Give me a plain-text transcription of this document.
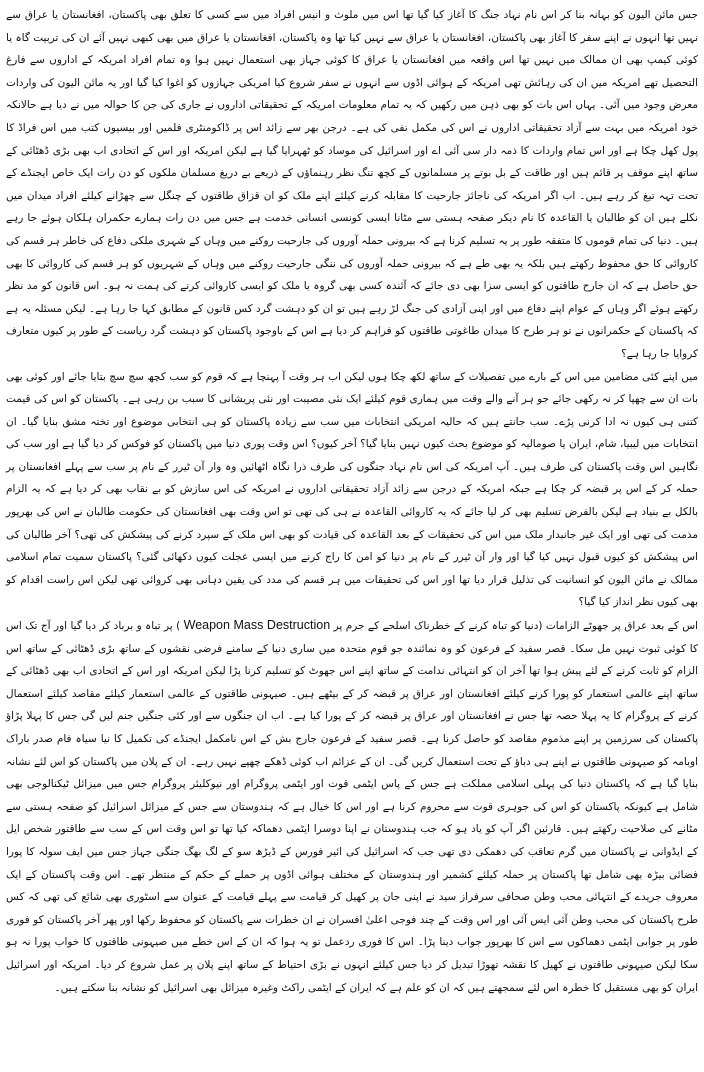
جس مائن الیون کو بہانہ بنا کر اس نام نہاد جنگ کا آغاز کیا گیا تھا اس میں ملوث و انیس افراد میں سے کسی کا تعلق بھی پاکستان، افغانستان یا عراق سے نہیں تھا انہوں نے اپنے سفر کا آغاز بھی پاکستان، افغانستان یا عراق سے نہیں کیا تھا وہ پاکستان، افغانستان یا عراق میں بھی کبھی نہیں آئے ان کی تربیت گاہ یا کوئی کیمپ بھی ان ممالک میں نہیں تھا اس واقعہ میں افغانستان یا عراق کا کوئی جہاز بھی استعمال نہیں ہوا وہ تمام افراد امریکہ کے اداروں سے فارغ التحصیل تھے امریکہ میں ان کی رہائش تھی امریکہ کے ہوائی اڈوں سے انہوں نے سفر شروع کیا امریکی جہازوں کو اغوا کیا گیا اور یہ مائن الیون کی واردات معرض وجود میں آئی۔ یہاں اس بات کو بھی ذہن میں رکھیں کہ یہ تمام معلومات امریکہ کے تحقیقاتی اداروں نے جاری کی جن کا حوالہ میں نے دیا ہے حالانکہ خود امریکہ میں بہت سے آزاد تحقیقاتی اداروں نے اس کی مکمل نفی کی ہے۔ درجن بھر سے زائد اس پر ڈاکومنٹری فلمیں اور بیسیوں کتب میں اس فراڈ کا پول کھل چکا ہے اور اس تمام واردات کا ذمہ دار سی آئی اے اور اسرائیل کی موساد کو ٹھہرایا گیا ہے لیکن امریکہ اور اس کے اتحادی اب بھی بڑی ڈھٹائی کے ساتھ اپنے موقف پر قائم ہیں اور طاقت کے بل بوتے پر مسلمانوں کے کچھ تنگ نظر رہنماؤں کے ذریعے بے دریغ مسلمان ملکوں کو دن رات ایک خاص ایجنڈے کے تحت تہہ تیغ کر رہے ہیں۔ اب اگر امریکہ کی ناجائز جارحیت کا مقابلہ کرنے کیلئے اپنے ملک کو ان قزاق طاقتوں کے چنگل سے چھڑانے کیلئے افراد میدان میں نکلے ہیں ان کو طالبان یا القاعدہ کا نام دیکر صفحہ ہستی سے مٹانا ایسی کونسی انسانی خدمت ہے جس میں دن رات ہمارے حکمران ہلکان ہوئے جا رہے ہیں۔ دنیا کی تمام قوموں کا متفقہ طور پر یہ تسلیم کرنا ہے کہ بیرونی حملہ آوروں کی جارحیت روکنے میں وہاں کے شہری ملکی دفاع کی خاطر ہر قسم کی کاروائی کا حق محفوظ رکھتے ہیں بلکہ یہ بھی طے ہے کہ بیرونی حملہ آوروں کی ننگی جارحیت روکنے میں وہاں کے شہریوں کو ہر قسم کی کاروائی کا بھی حق حاصل ہے کہ ان جارح طاقتوں کو ایسی سزا بھی دی جائے کہ آئندہ کسی بھی گروہ یا ملک کو ایسی کاروائی کرنے کی ہمت نہ ہو۔ اس قانون کو مد نظر رکھتے ہوئے اگر وہاں کے عوام اپنے دفاع میں اور اپنی آزادی کی جنگ لڑ رہے ہیں تو ان کو دہشت گرد کس قانون کے مطابق کہا جا رہا ہے۔ لیکن مسئلہ یہ ہے کہ پاکستان کے حکمرانوں نے تو ہر طرح کا میدان طاغوتی طاقتوں کو فراہم کر دیا ہے اس کے باوجود پاکستان کو دہشت گرد ریاست کے طور پر کیوں متعارف کروایا جا رہا ہے؟

میں اپنے کئی مضامین میں اس کے بارے میں تفصیلات کے ساتھ لکھ چکا ہوں لیکن اب ہر وقت آ پہنچا ہے کہ قوم کو سب کچھ سچ سچ بتایا جائے اور کوئی بھی بات ان سے چھپا کر نہ رکھی جائے جو ہر آنے والے وقت میں ہماری قوم کیلئے ایک نئی مصیبت اور نئی پریشانی کا سبب بن رہی ہے۔ پاکستان کو اس کی قیمت کتنی ہی کیوں نہ ادا کرنی پڑے۔ سب جانتے ہیں کہ حالیہ امریکی انتخابات میں سب سے زیادہ پاکستان کو ہی انتخابی موضوع اور تختہ مشق بنایا گیا۔ ان انتخابات میں لیبیا، شام، ایران یا صومالیہ کو موضوع بحث کیوں نہیں بنایا گیا؟ آخر کیوں؟ اس وقت پوری دنیا میں پاکستان کو فوکس کر دیا گیا ہے اور سب کی نگاہیں اس وقت پاکستان کی طرف ہیں۔ آپ امریکہ کی اس نام نہاد جنگوں کی طرف ذرا نگاہ اٹھائیں وہ وار آن ٹیرر کے نام پر سب سے پہلے افغانستان پر حملہ کر کے اس پر قبضہ کر چکا ہے جبکہ امریکہ کے درجن سے زائد آزاد تحقیقاتی اداروں نے امریکہ کی اس سازش کو بے نقاب بھی کر دیا ہے کہ یہ الزام بالکل بے بنیاد ہے لیکن بالفرض تسلیم بھی کر لیا جائے کہ یہ کاروائی القاعدہ نے ہی کی تھی تو اس وقت بھی افغانستان کی حکومت طالبان نے اس کی بھرپور مذمت کی تھی اور ایک غیر جانبدار ملک میں اس کی تحقیقات کے بعد القاعدہ کی قیادت کو بھی اس ملک کے سپرد کرنے کی پیشکش کی تھی؟ آخر طالبان کی اس پیشکش کو کیوں قبول نہیں کیا گیا اور وار آن ٹیرر کے نام پر دنیا کو امن کا راج کرنے میں ایسی عجلت کیوں دکھائی گئی؟ پاکستان سمیت تمام اسلامی ممالک نے مائن الیون کو انسانیت کی تذلیل قرار دیا تھا اور اس کی تحقیقات میں ہر قسم کی مدد کی یقین دہانی بھی کروائی تھی لیکن اس راست اقدام کو بھی کیوں نظر انداز کیا گیا؟

اس کے بعد عراق پر جھوٹے الزامات (دنیا کو تباہ کرنے کے خطرناک اسلحے کے جرم پر Weapon Mass Destruction ) پر تباہ و برباد کر دیا گیا اور آج تک اس کا کوئی ثبوت نہیں مل سکا۔ قصر سفید کے فرعون کو وہ نمائندہ جو قوم متحدہ میں ساری دنیا کے سامنے فرضی نقشوں کے ساتھ بڑی ڈھٹائی کے ساتھ اس الزام کو ثابت کرنے کے لئے پیش ہوا تھا آخر ان کو انتہائی ندامت کے ساتھ اپنے اس جھوٹ کو تسلیم کرنا پڑا لیکن امریکہ اور اس کے اتحادی اب بھی ڈھٹائی کے ساتھ اپنے عالمی استعمار کو پورا کرنے کیلئے افغانستان اور عراق پر قبضہ کر کے بیٹھے ہیں۔ صیہونی طاقتوں کے عالمی استعمار کیلئے مقاصد کیلئے استعمال کرنے کے پروگرام کا یہ پہلا حصہ تھا جس نے افغانستان اور عراق پر قبضہ کر کے پورا کیا ہے۔ اب ان جنگوں سے اور کئی جنگیں جنم لیں گی جس کا پہلا پڑاؤ پاکستان کی سرزمین پر اپنے مذموم مقاصد کو حاصل کرنا ہے۔ قصر سفید کے فرعون جارج بش کے اس نامکمل ایجنڈے کی تکمیل کا نیا سیاہ فام صدر باراک اوبامہ کو صیہونی طاقتوں نے اپنے ہی دباؤ کے تحت استعمال کریں گی۔ ان کے عزائم اب کوئی ڈھکے چھپے نہیں رہے۔ ان کے پلان میں پاکستان کو اس لئے نشانہ بنایا گیا ہے کہ پاکستان دنیا کی پہلی اسلامی مملکت ہے جس کے پاس ایٹمی قوت اور ایٹمی پروگرام اور نیوکلیئر پروگرام جس میں میزائل ٹیکنالوجی بھی شامل ہے کیونکہ پاکستان کو اس کی جوہری قوت سے محروم کرنا ہے اور اس کا خیال ہے کہ ہندوستان سے جس کے میزائل اسرائیل کو صفحہ ہستی سے مٹانے کی صلاحیت رکھتے ہیں۔ قارئین اگر آپ کو یاد ہو کہ جب ہندوستان نے اپنا دوسرا ایٹمی دھماکہ کیا تھا تو اس وقت اس کے سب سے طاقتور شخص ایل کے ایڈوانی نے پاکستان میں گرم تعاقب کی دھمکی دی تھی جب کہ اسرائیل کی ائیر فورس کے ڈیڑھ سو کے لگ بھگ جنگی جہاز جس میں ایف سولہ کا پورا فضائی بیڑہ بھی شامل تھا پاکستان پر حملہ کیلئے کشمیر اور ہندوستان کے مختلف ہوائی اڈوں پر حملے کے حکم کے منتظر تھے۔ اس وقت پاکستان کے ایک معروف جریدے کے انتہائی محب وطن صحافی سرفراز سید نے اپنی جان پر کھیل کر قیامت سے پہلے قیامت کے عنوان سے اسٹوری بھی شائع کی تھی کہ کس طرح پاکستان کی محب وطن آئی ایس آئی اور اس وقت کے چند فوجی اعلیٰ افسران نے ان خطرات سے پاکستان کو محفوظ رکھا اور پھر آخر پاکستان کو فوری طور پر جوابی ایٹمی دھماکوں سے اس کا بھرپور جواب دینا پڑا۔ اس کا فوری ردعمل تو یہ ہوا کہ ان کے اس خطے میں صیہونی طاقتوں کا خواب پورا نہ ہو سکا لیکن صیہونی طاقتوں نے کھیل کا نقشہ تھوڑا تبدیل کر دیا جس کیلئے انہوں نے بڑی احتیاط کے ساتھ اپنے پلان پر عمل شروع کر دیا۔ امریکہ اور اسرائیل ایران کو بھی مستقبل کا خطرہ اس لئے سمجھتے ہیں کہ ان کو علم ہے کہ ایران کے ایٹمی راکٹ وغیرہ میزائل بھی اسرائیل کو نشانہ بنا سکتے ہیں۔
